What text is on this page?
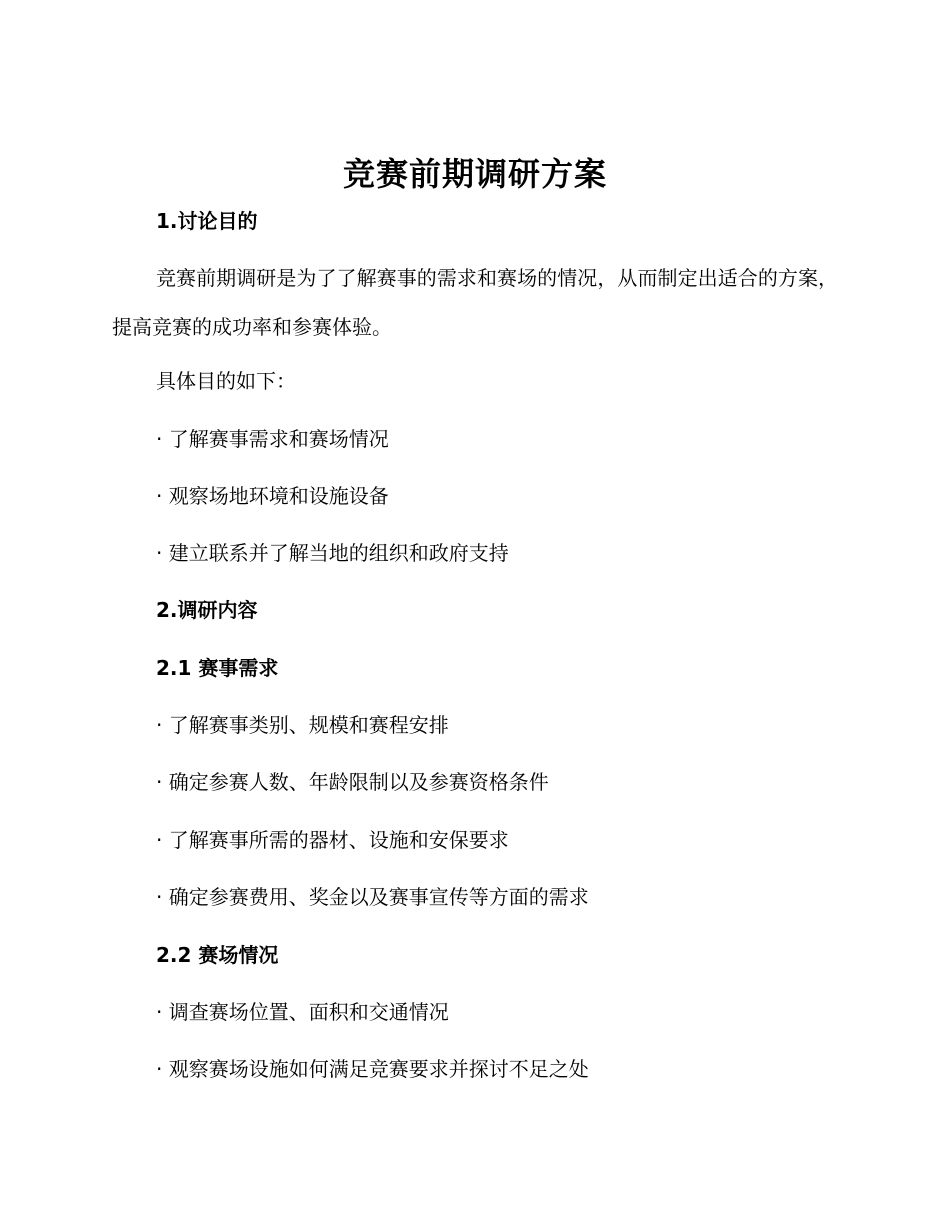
竞赛前期调研方案
1.讨论目的
竞赛前期调研是为了了解赛事的需求和赛场的情况，从而制定出适合的方案，提高竞赛的成功率和参赛体验。
具体目的如下：
· 了解赛事需求和赛场情况
· 观察场地环境和设施设备
· 建立联系并了解当地的组织和政府支持
2.调研内容
2.1 赛事需求
· 了解赛事类别、规模和赛程安排
· 确定参赛人数、年龄限制以及参赛资格条件
· 了解赛事所需的器材、设施和安保要求
· 确定参赛费用、奖金以及赛事宣传等方面的需求
2.2 赛场情况
· 调查赛场位置、面积和交通情况
· 观察赛场设施如何满足竞赛要求并探讨不足之处
